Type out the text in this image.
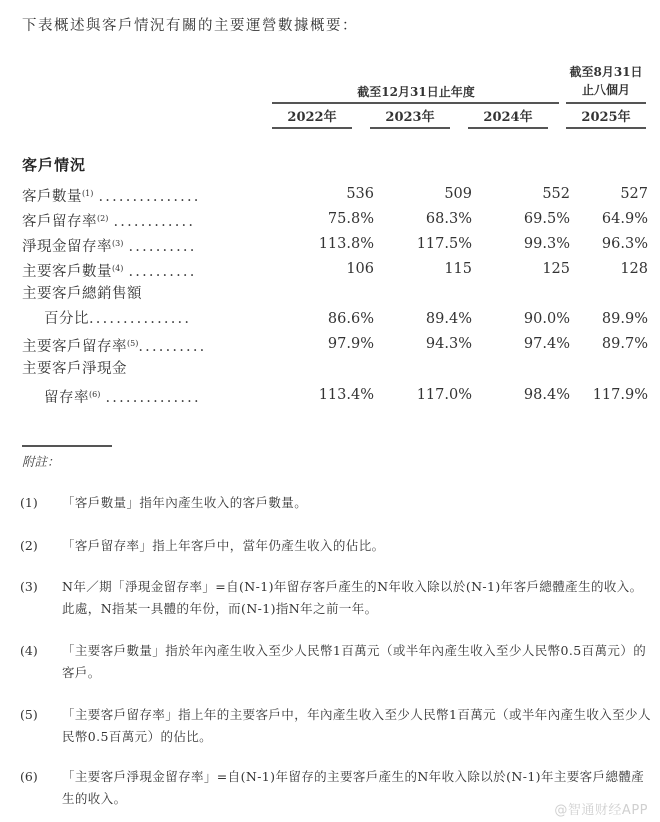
下表概述與客戶情況有關的主要運營數據概要：
截至12月31日止年度
截至8月31日
止八個月
2022年	2023年	2024年	2025年
客戶情況
客戶數量$^{(1)}$ ...............	536	509	552	527
客戶留存率$^{(2)}$ ............	75.8%	68.3%	69.5%	64.9%
淨現金留存率$^{(3)}$ ..........	113.8%	117.5%	99.3%	96.3%
主要客戶數量$^{(4)}$ ..........	106	115	125	128
主要客戶總銷售額
百分比...............	86.6%	89.4%	90.0%	89.9%
主要客戶留存率$^{(5)}$..........	97.9%	94.3%	97.4%	89.7%
主要客戶淨現金
留存率$^{(6)}$ ..............	113.4%	117.0%	98.4%	117.9%
附註：
(1)	「客戶數量」指年內產生收入的客戶數量。
(2)	「客戶留存率」指上年客戶中，當年仍產生收入的佔比。
(3)	N年／期「淨現金留存率」=自(N-1)年留存客戶產生的N年收入除以於(N-1)年客戶總體產生的收入。此處，N指某一具體的年份，而(N-1)指N年之前一年。
(4)	「主要客戶數量」指於年內產生收入至少人民幣1百萬元（或半年內產生收入至少人民幣0.5百萬元）的客戶。
(5)	「主要客戶留存率」指上年的主要客戶中，年內產生收入至少人民幣1百萬元（或半年內產生收入至少人民幣0.5百萬元）的佔比。
(6)	「主要客戶淨現金留存率」=自(N-1)年留存的主要客戶產生的N年收入除以於(N-1)年主要客戶總體產生的收入。
@智通财经APP
